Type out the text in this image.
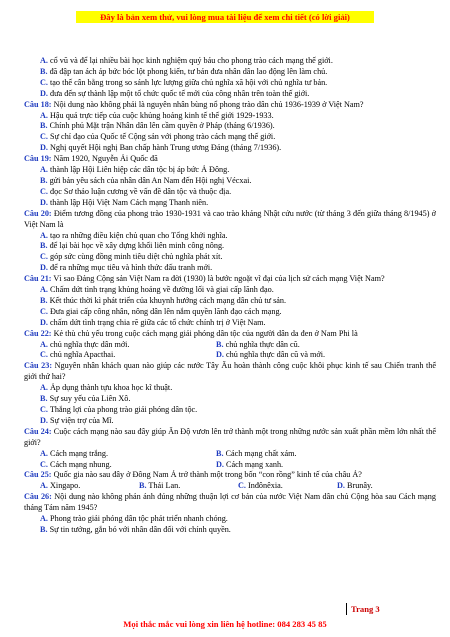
Đây là bản xem thử, vui lòng mua tài liệu để xem chi tiết (có lời giải)
A. cổ vũ và để lại nhiều bài học kinh nghiệm quý báu cho phong trào cách mạng thế giới.
B. đã đập tan ách áp bức bóc lột phong kiến, tư bản đưa nhân dân lao động lên làm chủ.
C. tạo thế cân bằng trong so sánh lực lượng giữa chủ nghĩa xã hội với chủ nghĩa tư bản.
D. đưa đến sự thành lập một tổ chức quốc tế mới của công nhân trên toàn thế giới.
Câu 18: Nội dung nào không phải là nguyên nhân bùng nổ phong trào dân chủ 1936-1939 ở Việt Nam?
A. Hậu quả trực tiếp của cuộc khủng hoảng kinh tế thế giới 1929-1933.
B. Chính phủ Mặt trận Nhân dân lên cầm quyền ở Pháp (tháng 6/1936).
C. Sự chỉ đạo của Quốc tế Cộng sản với phong trào cách mạng thế giới.
D. Nghị quyết Hội nghị Ban chấp hành Trung ương Đảng (tháng 7/1936).
Câu 19: Năm 1920, Nguyễn Ái Quốc đã
A. thành lập Hội Liên hiệp các dân tộc bị áp bức Á Đông.
B. gửi bản yêu sách của nhân dân An Nam đến Hội nghị Vécxai.
C. đọc Sơ thảo luận cương về vấn đề dân tộc và thuộc địa.
D. thành lập Hội Việt Nam Cách mạng Thanh niên.
Câu 20: Điểm tương đồng của phong trào 1930-1931 và cao trào kháng Nhật cứu nước (từ tháng 3 đến giữa tháng 8/1945) ở Việt Nam là
A. tạo ra những điều kiện chủ quan cho Tổng khởi nghĩa.
B. để lại bài học về xây dựng khối liên minh công nông.
C. góp sức cùng đồng minh tiêu diệt chủ nghĩa phát xít.
D. để ra những mục tiêu và hình thức đấu tranh mới.
Câu 21: Vì sao Đảng Cộng sản Việt Nam ra đời (1930) là bước ngoặt vĩ đại của lịch sử cách mạng Việt Nam?
A. Chấm dứt tình trạng khủng hoảng về đường lối và giai cấp lãnh đạo.
B. Kết thúc thời kì phát triển của khuynh hướng cách mạng dân chủ tư sản.
C. Đưa giai cấp công nhân, nông dân lên nắm quyền lãnh đạo cách mạng.
D. chấm dứt tình trạng chia rẽ giữa các tổ chức chính trị ở Việt Nam.
Câu 22: Kẻ thù chủ yếu trong cuộc cách mạng giải phóng dân tộc của người dân da đen ở Nam Phi là
A. chủ nghĩa thực dân mới.	B. chủ nghĩa thực dân cũ.
C. chủ nghĩa Apacthai.	D. chủ nghĩa thực dân cũ và mới.
Câu 23: Nguyên nhân khách quan nào giúp các nước Tây Âu hoàn thành công cuộc khôi phục kinh tế sau Chiến tranh thế giới thứ hai?
A. Áp dụng thành tựu khoa học kĩ thuật.
B. Sự suy yếu của Liên Xô.
C. Thắng lợi của phong trào giải phóng dân tộc.
D. Sự viện trợ của Mĩ.
Câu 24: Cuộc cách mạng nào sau đây giúp Ấn Độ vươn lên trở thành một trong những nước sản xuất phần mềm lớn nhất thế giới?
A. Cách mạng trắng.	B. Cách mạng chất xám.
C. Cách mạng nhung.	D. Cách mạng xanh.
Câu 25: Quốc gia nào sau đây ở Đông Nam Á trở thành một trong bốn “con rồng” kinh tế của châu Á?
A. Xingapo.	B. Thái Lan.	C. Inđônêxia.	D. Brunây.
Câu 26: Nội dung nào không phản ánh đúng những thuận lợi cơ bản của nước Việt Nam dân chủ Cộng hòa sau Cách mạng tháng Tám năm 1945?
A. Phong trào giải phóng dân tộc phát triển nhanh chóng.
B. Sự tin tưởng, gắn bó với nhân dân đối với chính quyền.
Trang 3
Mọi thắc mắc vui lòng xin liên hệ hotline: 084 283 45 85
